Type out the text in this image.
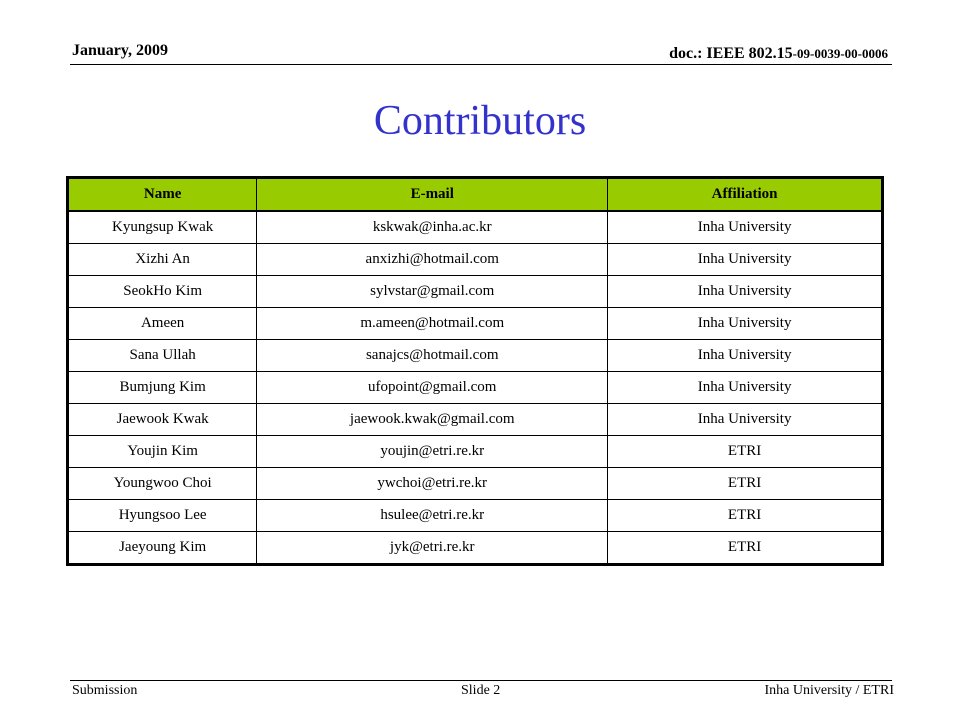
January, 2009	doc.: IEEE 802.15-09-0039-00-0006
Contributors
Name	E-mail	Affiliation
Kyungsup Kwak	kskwak@inha.ac.kr	Inha University
Xizhi An	anxizhi@hotmail.com	Inha University
SeokHo Kim	sylvstar@gmail.com	Inha University
Ameen	m.ameen@hotmail.com	Inha University
Sana Ullah	sanajcs@hotmail.com	Inha University
Bumjung Kim	ufopoint@gmail.com	Inha University
Jaewook Kwak	jaewook.kwak@gmail.com	Inha University
Youjin Kim	youjin@etri.re.kr	ETRI
Youngwoo Choi	ywchoi@etri.re.kr	ETRI
Hyungsoo Lee	hsulee@etri.re.kr	ETRI
Jaeyoung Kim	jyk@etri.re.kr	ETRI
Submission	Slide 2	Inha University / ETRI
